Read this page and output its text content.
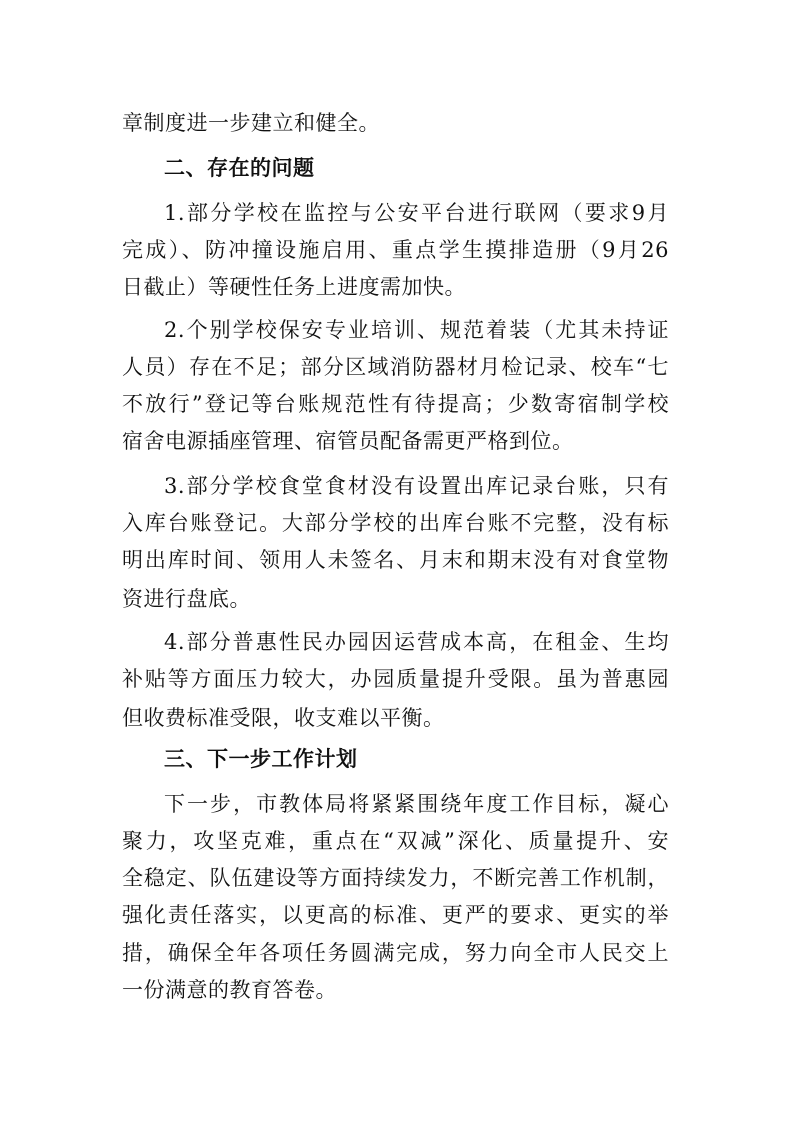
章制度进一步建立和健全。
二、存在的问题
1.部分学校在监控与公安平台进行联网（要求9月
完成）、防冲撞设施启用、重点学生摸排造册（9月26
日截止）等硬性任务上进度需加快。
2.个别学校保安专业培训、规范着装（尤其未持证
人员）存在不足；部分区域消防器材月检记录、校车“七
不放行”登记等台账规范性有待提高；少数寄宿制学校
宿舍电源插座管理、宿管员配备需更严格到位。
3.部分学校食堂食材没有设置出库记录台账，只有
入库台账登记。大部分学校的出库台账不完整，没有标
明出库时间、领用人未签名、月末和期末没有对食堂物
资进行盘底。
4.部分普惠性民办园因运营成本高，在租金、生均
补贴等方面压力较大，办园质量提升受限。虽为普惠园
但收费标准受限，收支难以平衡。
三、下一步工作计划
下一步，市教体局将紧紧围绕年度工作目标，凝心
聚力，攻坚克难，重点在“双减”深化、质量提升、安
全稳定、队伍建设等方面持续发力，不断完善工作机制，
强化责任落实，以更高的标准、更严的要求、更实的举
措，确保全年各项任务圆满完成，努力向全市人民交上
一份满意的教育答卷。
